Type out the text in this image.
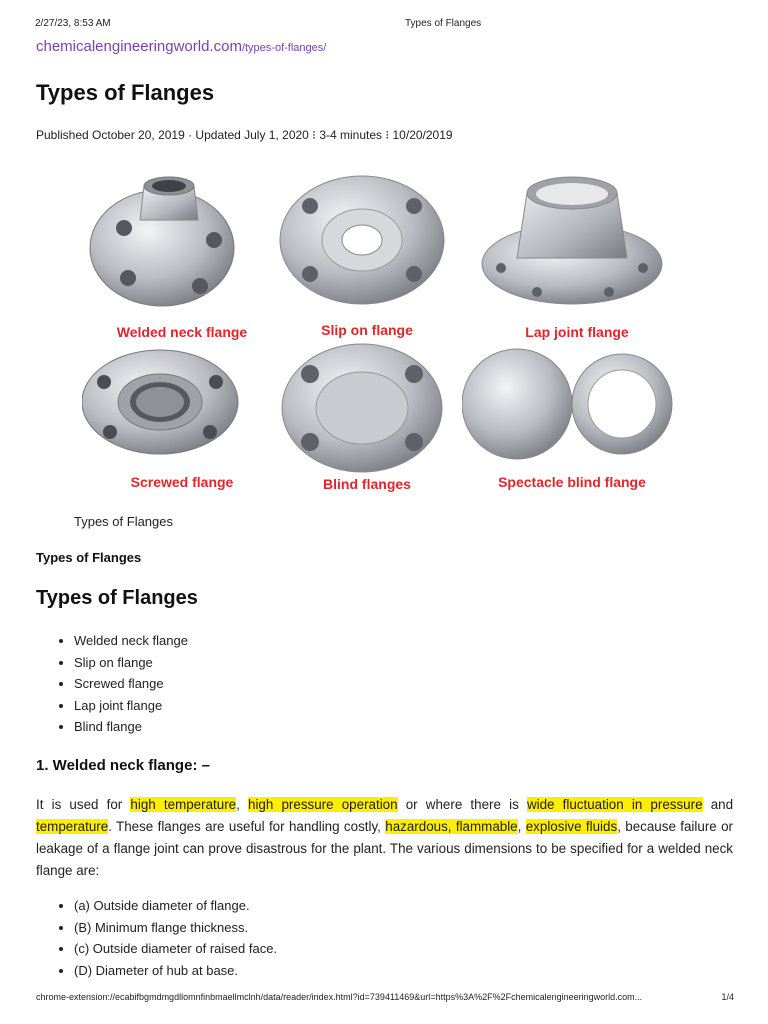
2/27/23, 8:53 AM	Types of Flanges
chemicalengineeringworld.com/types-of-flanges/
Types of Flanges
Published October 20, 2019 · Updated July 1, 2020 ⁝ 3-4 minutes ⁝ 10/20/2019
Welded neck flange	Slip on flange	Lap joint flange
Screwed flange	Blind flanges	Spectacle blind flange
Types of Flanges
Types of Flanges
Types of Flanges
• Welded neck flange
• Slip on flange
• Screwed flange
• Lap joint flange
• Blind flange
1. Welded neck flange: –

It is used for high temperature, high pressure operation or where there is wide fluctuation in pressure and temperature. These flanges are useful for handling costly, hazardous, flammable, explosive fluids, because failure or leakage of a flange joint can prove disastrous for the plant. The various dimensions to be specified for a welded neck flange are:

• (a) Outside diameter of flange.
• (B) Minimum flange thickness.
• (c) Outside diameter of raised face.
• (D) Diameter of hub at base.
chrome-extension://ecabifbgmdmgdllomnfinbmaellmclnh/data/reader/index.html?id=739411469&url=https%3A%2F%2Fchemicalengineeringworld.com...	1/4
